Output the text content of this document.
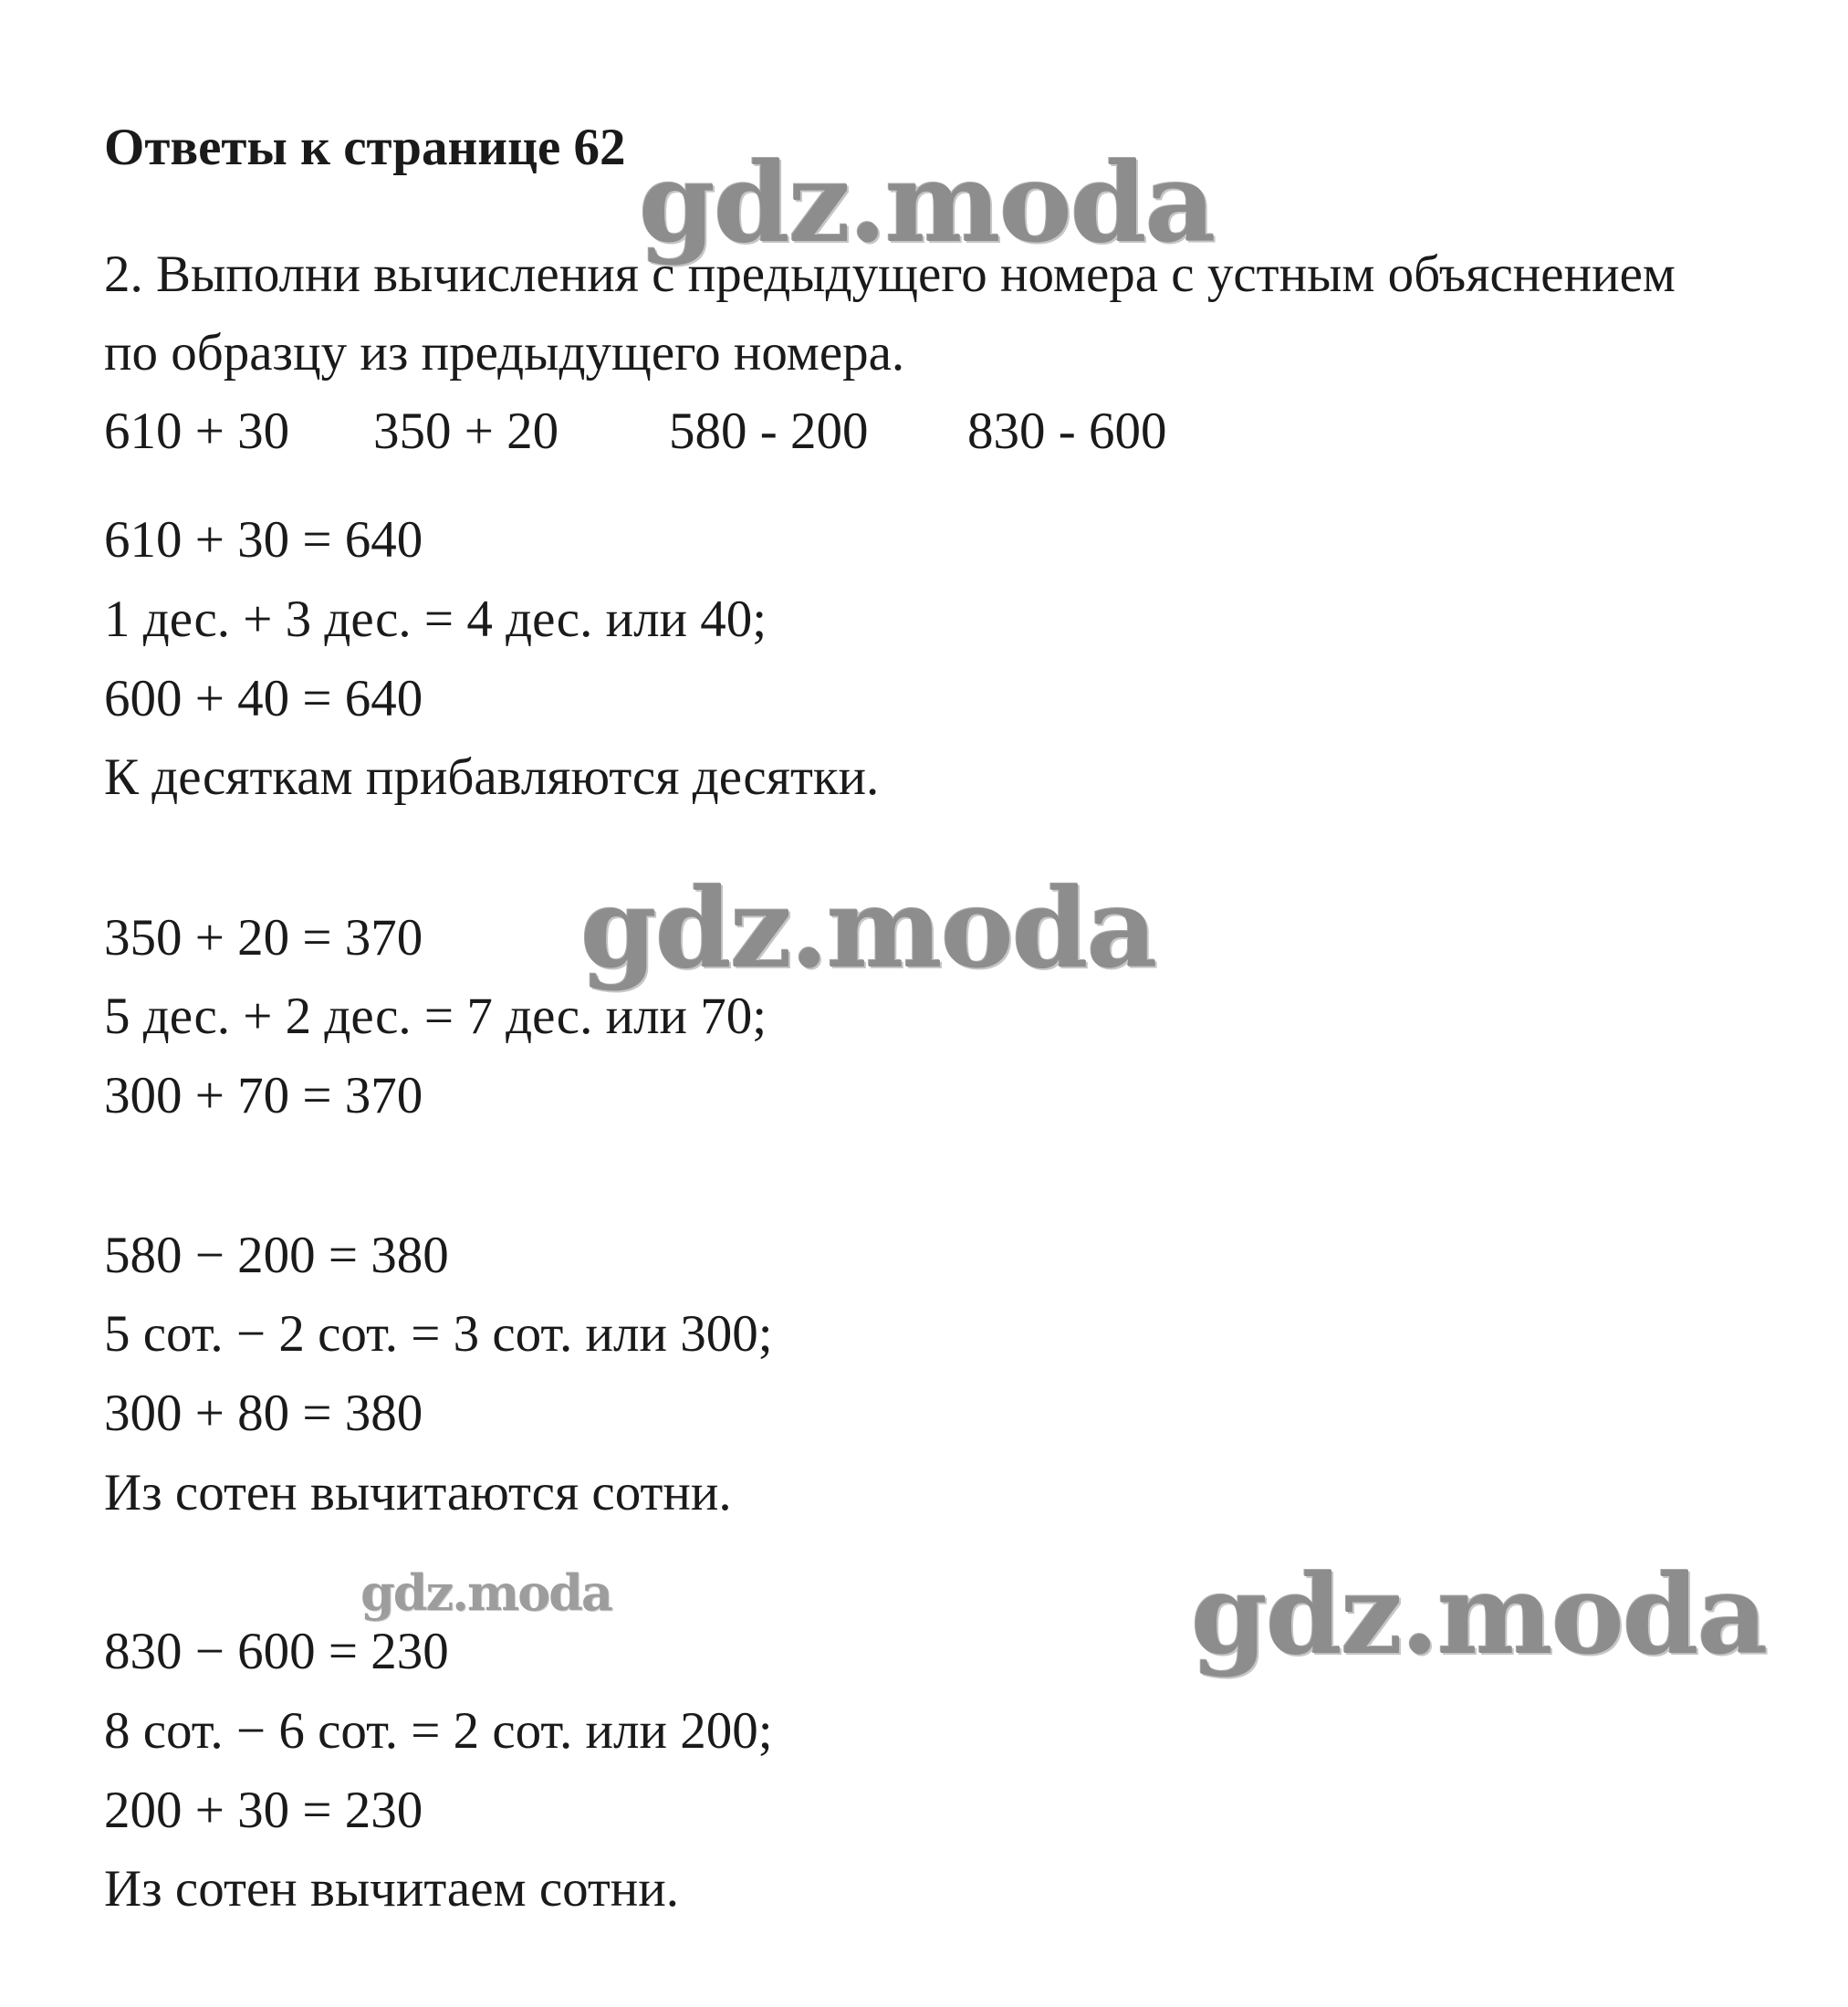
gdz.moda
gdz.moda
gdz.moda	gdz.moda
Ответы к странице 62
2. Выполни вычисления с предыдущего номера с устным объяснением
по образцу из предыдущего номера.
610 + 30 350 + 20 580 - 200 830 - 600
610 + 30 = 640
1 дес. + 3 дес. = 4 дес. или 40;
600 + 40 = 640
К десяткам прибавляются десятки.
350 + 20 = 370
5 дес. + 2 дес. = 7 дес. или 70;
300 + 70 = 370
580 − 200 = 380
5 сот. − 2 сот. = 3 сот. или 300;
300 + 80 = 380
Из сотен вычитаются сотни.
830 − 600 = 230
8 сот. − 6 сот. = 2 сот. или 200;
200 + 30 = 230
Из сотен вычитаем сотни.
